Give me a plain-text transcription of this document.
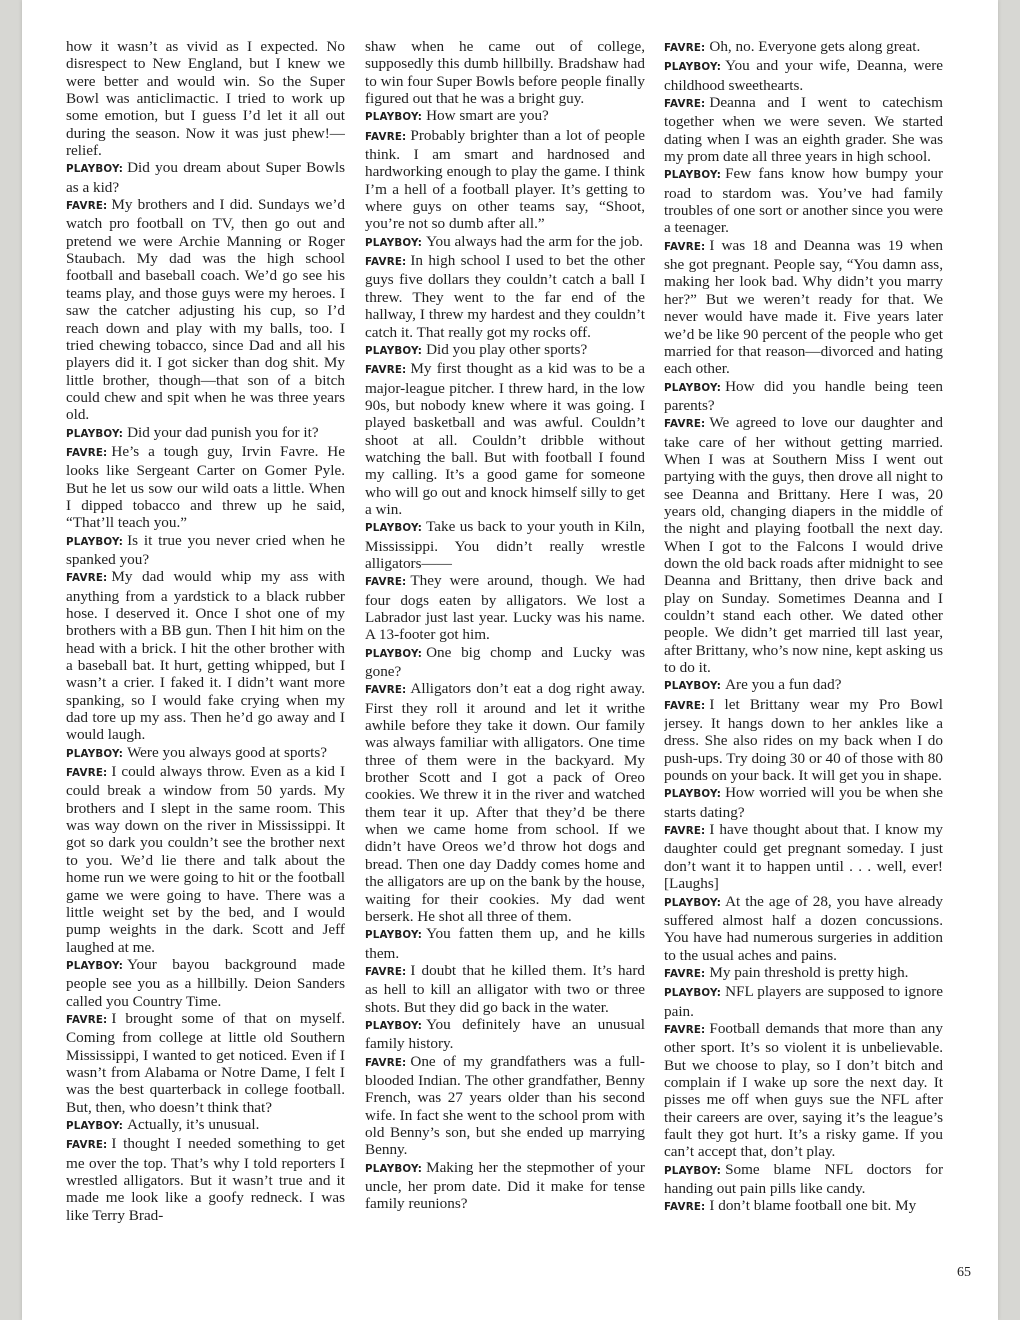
how it wasn’t as vivid as I expected. No disrespect to New England, but I knew we were better and would win. So the Super Bowl was anticlimactic. I tried to work up some emotion, but I guess I’d let it all out during the season. Now it was just phew!—relief.

PLAYBOY: Did you dream about Super Bowls as a kid?

FAVRE: My brothers and I did. Sundays we’d watch pro football on TV, then go out and pretend we were Archie Manning or Roger Staubach. My dad was the high school football and baseball coach. We’d go see his teams play, and those guys were my heroes. I saw the catcher adjusting his cup, so I’d reach down and play with my balls, too. I tried chewing tobacco, since Dad and all his players did it. I got sicker than dog shit. My little brother, though—that son of a bitch could chew and spit when he was three years old.

PLAYBOY: Did your dad punish you for it?

FAVRE: He’s a tough guy, Irvin Favre. He looks like Sergeant Carter on Gomer Pyle. But he let us sow our wild oats a little. When I dipped tobacco and threw up he said, “That’ll teach you.”

PLAYBOY: Is it true you never cried when he spanked you?

FAVRE: My dad would whip my ass with anything from a yardstick to a black rubber hose. I deserved it. Once I shot one of my brothers with a BB gun. Then I hit him on the head with a brick. I hit the other brother with a baseball bat. It hurt, getting whipped, but I wasn’t a crier. I faked it. I didn’t want more spanking, so I would fake crying when my dad tore up my ass. Then he’d go away and I would laugh.

PLAYBOY: Were you always good at sports?

FAVRE: I could always throw. Even as a kid I could break a window from 50 yards. My brothers and I slept in the same room. This was way down on the river in Mississippi. It got so dark you couldn’t see the brother next to you. We’d lie there and talk about the home run we were going to hit or the football game we were going to have. There was a little weight set by the bed, and I would pump weights in the dark. Scott and Jeff laughed at me.

PLAYBOY: Your bayou background made people see you as a hillbilly. Deion Sanders called you Country Time.

FAVRE: I brought some of that on myself. Coming from college at little old Southern Mississippi, I wanted to get noticed. Even if I wasn’t from Alabama or Notre Dame, I felt I was the best quarterback in college football. But, then, who doesn’t think that?

PLAYBOY: Actually, it’s unusual.

FAVRE: I thought I needed something to get me over the top. That’s why I told reporters I wrestled alligators. But it wasn’t true and it made me look like a goofy redneck. I was like Terry Brad-

shaw when he came out of college, supposedly this dumb hillbilly. Bradshaw had to win four Super Bowls before people finally figured out that he was a bright guy.

PLAYBOY: How smart are you?

FAVRE: Probably brighter than a lot of people think. I am smart and hardnosed and hardworking enough to play the game. I think I’m a hell of a football player. It’s getting to where guys on other teams say, “Shoot, you’re not so dumb after all.”

PLAYBOY: You always had the arm for the job.

FAVRE: In high school I used to bet the other guys five dollars they couldn’t catch a ball I threw. They went to the far end of the hallway, I threw my hardest and they couldn’t catch it. That really got my rocks off.

PLAYBOY: Did you play other sports?

FAVRE: My first thought as a kid was to be a major-league pitcher. I threw hard, in the low 90s, but nobody knew where it was going. I played basketball and was awful. Couldn’t shoot at all. Couldn’t dribble without watching the ball. But with football I found my calling. It’s a good game for someone who will go out and knock himself silly to get a win.

PLAYBOY: Take us back to your youth in Kiln, Mississippi. You didn’t really wrestle alligators——

FAVRE: They were around, though. We had four dogs eaten by alligators. We lost a Labrador just last year. Lucky was his name. A 13-footer got him.

PLAYBOY: One big chomp and Lucky was gone?

FAVRE: Alligators don’t eat a dog right away. First they roll it around and let it writhe awhile before they take it down. Our family was always familiar with alligators. One time three of them were in the backyard. My brother Scott and I got a pack of Oreo cookies. We threw it in the river and watched them tear it up. After that they’d be there when we came home from school. If we didn’t have Oreos we’d throw hot dogs and bread. Then one day Daddy comes home and the alligators are up on the bank by the house, waiting for their cookies. My dad went berserk. He shot all three of them.

PLAYBOY: You fatten them up, and he kills them.

FAVRE: I doubt that he killed them. It’s hard as hell to kill an alligator with two or three shots. But they did go back in the water.

PLAYBOY: You definitely have an unusual family history.

FAVRE: One of my grandfathers was a full-blooded Indian. The other grandfather, Benny French, was 27 years older than his second wife. In fact she went to the school prom with old Benny’s son, but she ended up marrying Benny.

PLAYBOY: Making her the stepmother of your uncle, her prom date. Did it make for tense family reunions?

FAVRE: Oh, no. Everyone gets along great.

PLAYBOY: You and your wife, Deanna, were childhood sweethearts.

FAVRE: Deanna and I went to catechism together when we were seven. We started dating when I was an eighth grader. She was my prom date all three years in high school.

PLAYBOY: Few fans know how bumpy your road to stardom was. You’ve had family troubles of one sort or another since you were a teenager.

FAVRE: I was 18 and Deanna was 19 when she got pregnant. People say, “You damn ass, making her look bad. Why didn’t you marry her?” But we weren’t ready for that. We never would have made it. Five years later we’d be like 90 percent of the people who get married for that reason—divorced and hating each other.

PLAYBOY: How did you handle being teen parents?

FAVRE: We agreed to love our daughter and take care of her without getting married. When I was at Southern Miss I went out partying with the guys, then drove all night to see Deanna and Brittany. Here I was, 20 years old, changing diapers in the middle of the night and playing football the next day. When I got to the Falcons I would drive down the old back roads after midnight to see Deanna and Brittany, then drive back and play on Sunday. Sometimes Deanna and I couldn’t stand each other. We dated other people. We didn’t get married till last year, after Brittany, who’s now nine, kept asking us to do it.

PLAYBOY: Are you a fun dad?

FAVRE: I let Brittany wear my Pro Bowl jersey. It hangs down to her ankles like a dress. She also rides on my back when I do push-ups. Try doing 30 or 40 of those with 80 pounds on your back. It will get you in shape.

PLAYBOY: How worried will you be when she starts dating?

FAVRE: I have thought about that. I know my daughter could get pregnant someday. I just don’t want it to happen until . . . well, ever! [Laughs]

PLAYBOY: At the age of 28, you have already suffered almost half a dozen concussions. You have had numerous surgeries in addition to the usual aches and pains.

FAVRE: My pain threshold is pretty high.

PLAYBOY: NFL players are supposed to ignore pain.

FAVRE: Football demands that more than any other sport. It’s so violent it is unbelievable. But we choose to play, so I don’t bitch and complain if I wake up sore the next day. It pisses me off when guys sue the NFL after their careers are over, saying it’s the league’s fault they got hurt. It’s a risky game. If you can’t accept that, don’t play.

PLAYBOY: Some blame NFL doctors for handing out pain pills like candy.

FAVRE: I don’t blame football one bit. My

65
